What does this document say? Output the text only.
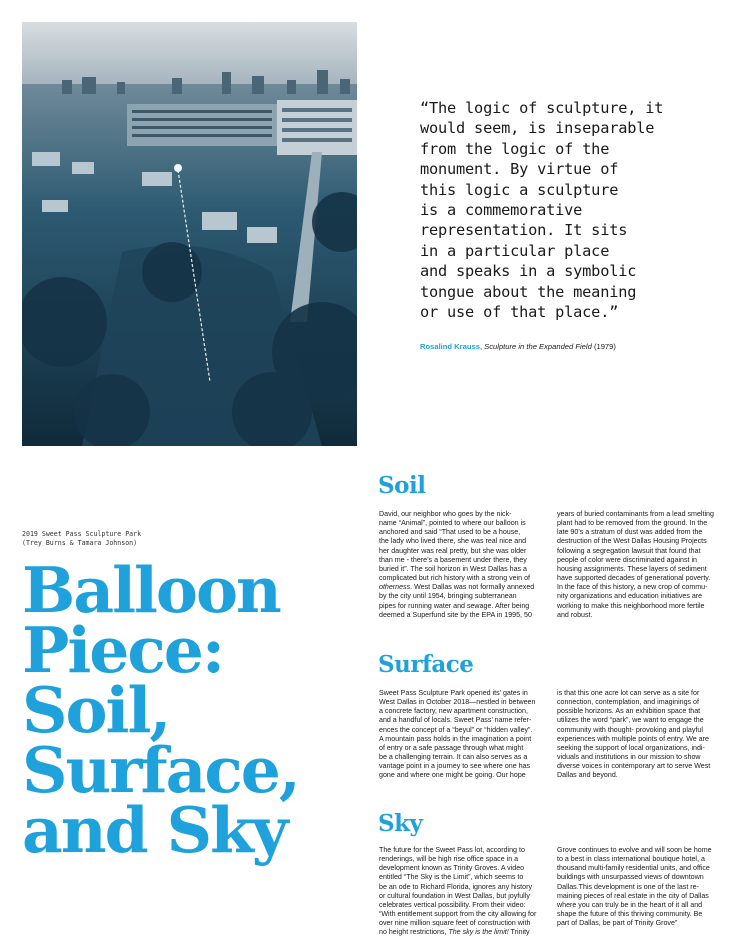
“The logic of sculpture, it
would seem, is inseparable
from the logic of the
monument. By virtue of
this logic a sculpture
is a commemorative
representation. It sits
in a particular place
and speaks in a symbolic
tongue about the meaning
or use of that place.”

Rosalind Krauss, Sculpture in the Expanded Field (1979)
2019 Sweet Pass Sculpture Park
(Trey Burns & Tamara Johnson)
Balloon
Piece:
Soil,
Surface,
and Sky
Soil

David, our neighbor who goes by the nick-
name “Animal”, pointed to where our balloon is
anchored and said “That used to be a house,
the lady who lived there, she was real nice and
her daughter was real pretty, but she was older
than me - there’s a basement under there, they
buried it”. The soil horizon in West Dallas has a
complicated but rich history with a strong vein of
otherness. West Dallas was not formally annexed
by the city until 1954, bringing subterranean
pipes for running water and sewage. After being
deemed a Superfund site by the EPA in 1995, 50

years of buried contaminants from a lead smelting
plant had to be removed from the ground. In the
late 90’s a stratum of dust was added from the
destruction of the West Dallas Housing Projects
following a segregation lawsuit that found that
people of color were discriminated against in
housing assignments. These layers of sediment
have supported decades of generational poverty.
In the face of this history, a new crop of commu-
nity organizations and education initiatives are
working to make this neighborhood more fertile
and robust.

Surface

Sweet Pass Sculpture Park opened its’ gates in
West Dallas in October 2018—nestled in between
a concrete factory, new apartment construction,
and a handful of locals. Sweet Pass’ name refer-
ences the concept of a “beyul” or “hidden valley”.
A mountain pass holds in the imagination a point
of entry or a safe passage through what might
be a challenging terrain. It can also serves as a
vantage point in a journey to see where one has
gone and where one might be going. Our hope

is that this one acre lot can serve as a site for
connection, contemplation, and imaginings of
possible horizons. As an exhibition space that
utilizes the word “park”, we want to engage the
community with thought- provoking and playful
experiences with multiple points of entry. We are
seeking the support of local organizations, indi-
viduals and institutions in our mission to show
diverse voices in contemporary art to serve West
Dallas and beyond.

Sky

The future for the Sweet Pass lot, according to
renderings, will be high rise office space in a
development known as Trinity Groves. A video
entitled “The Sky is the Limit”, which seems to
be an ode to Richard Florida, ignores any history
or cultural foundation in West Dallas, but joyfully
celebrates vertical possibility. From their video:
“With entitlement support from the city allowing for
over nine million square feet of construction with
no height restrictions, The sky is the limit! Trinity

Grove continues to evolve and will soon be home
to a best in class international boutique hotel, a
thousand multi-family residential units, and office
buildings with unsurpassed views of downtown
Dallas.This development is one of the last re-
maining pieces of real estate in the city of Dallas
where you can truly be in the heart of it all and
shape the future of this thriving community. Be
part of Dallas, be part of Trinity Grove”
